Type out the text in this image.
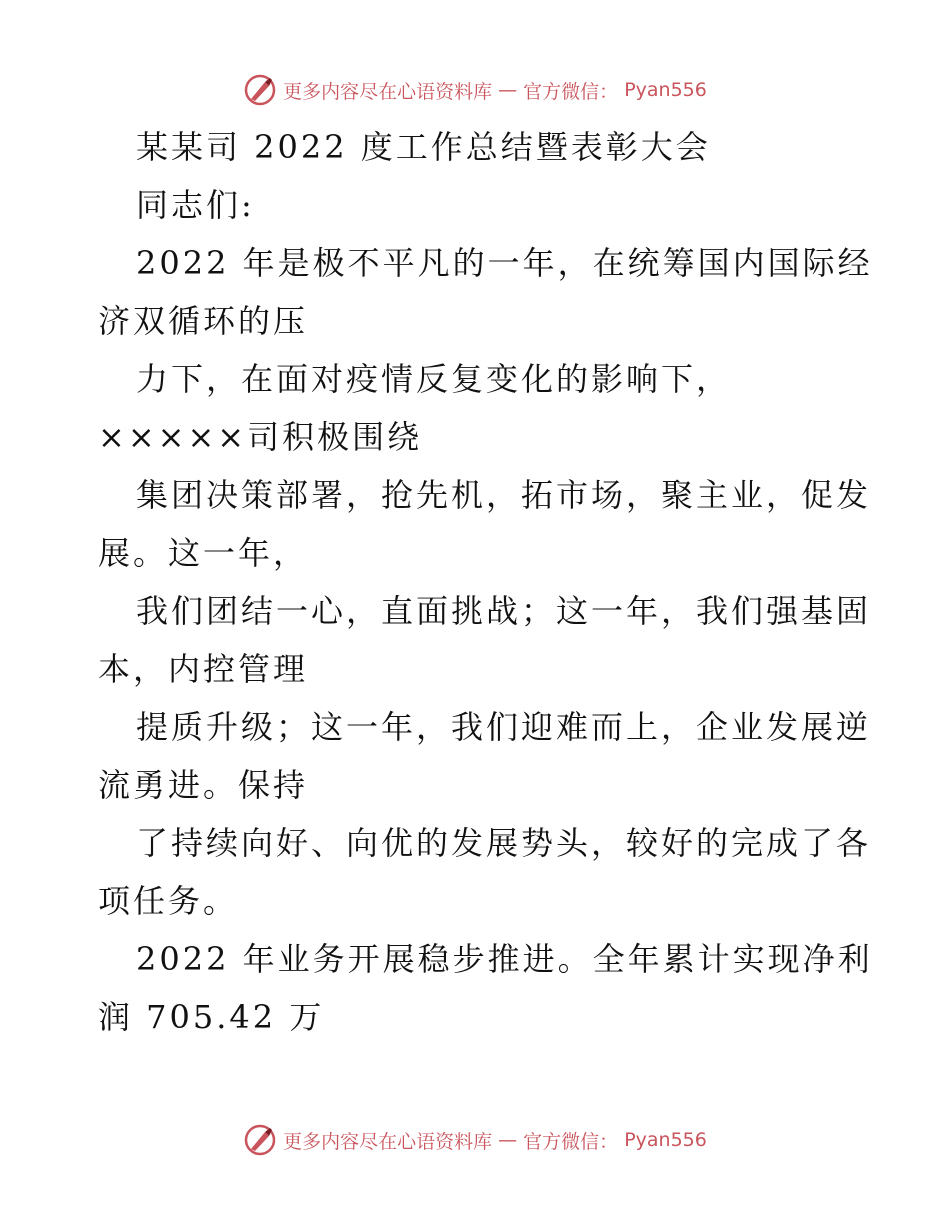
更多内容尽在心语资料库 — 官方微信： Pyan556
某某司 2022 度工作总结暨表彰大会
同志们:
2022 年是极不平凡的一年，在统筹国内国际经
济双循环的压
力下，在面对疫情反复变化的影响下，
×××××司积极围绕
集团决策部署，抢先机，拓市场，聚主业，促发
展。这一年，
我们团结一心，直面挑战；这一年，我们强基固
本，内控管理
提质升级；这一年，我们迎难而上，企业发展逆
流勇进。保持
了持续向好、向优的发展势头，较好的完成了各
项任务。
2022 年业务开展稳步推进。全年累计实现净利
润 705.42 万
更多内容尽在心语资料库 — 官方微信： Pyan556
